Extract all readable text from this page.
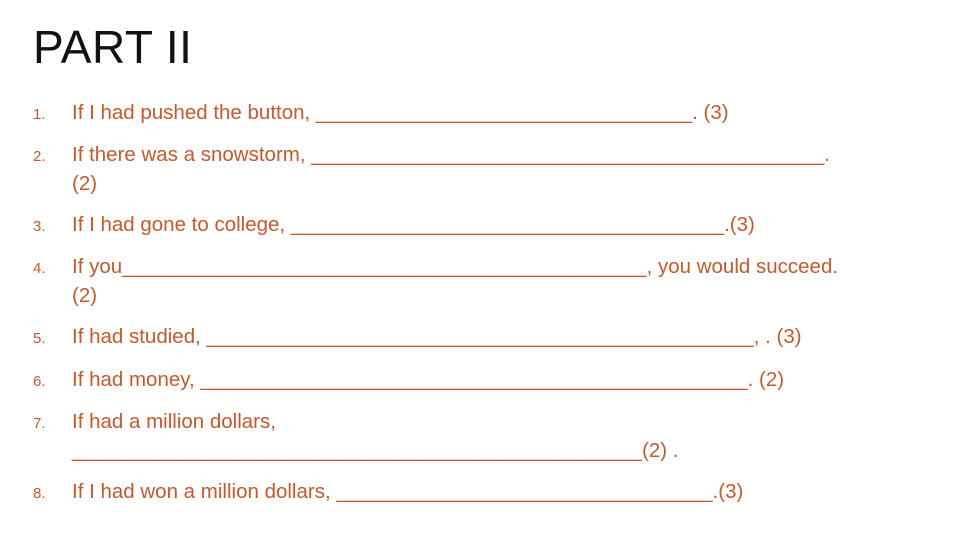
PART II
1. If I had pushed the button, _________________________________. (3)
2. If there was a snowstorm, _____________________________________________.
(2)
3. If I had gone to college, ______________________________________.(3)
4. If you______________________________________________, you would succeed.
(2)
5. If had studied, ________________________________________________, . (3)
6. If had money, ________________________________________________. (2)
7. If had a million dollars,
__________________________________________________(2) .
8. If I had won a million dollars, _________________________________.(3)
